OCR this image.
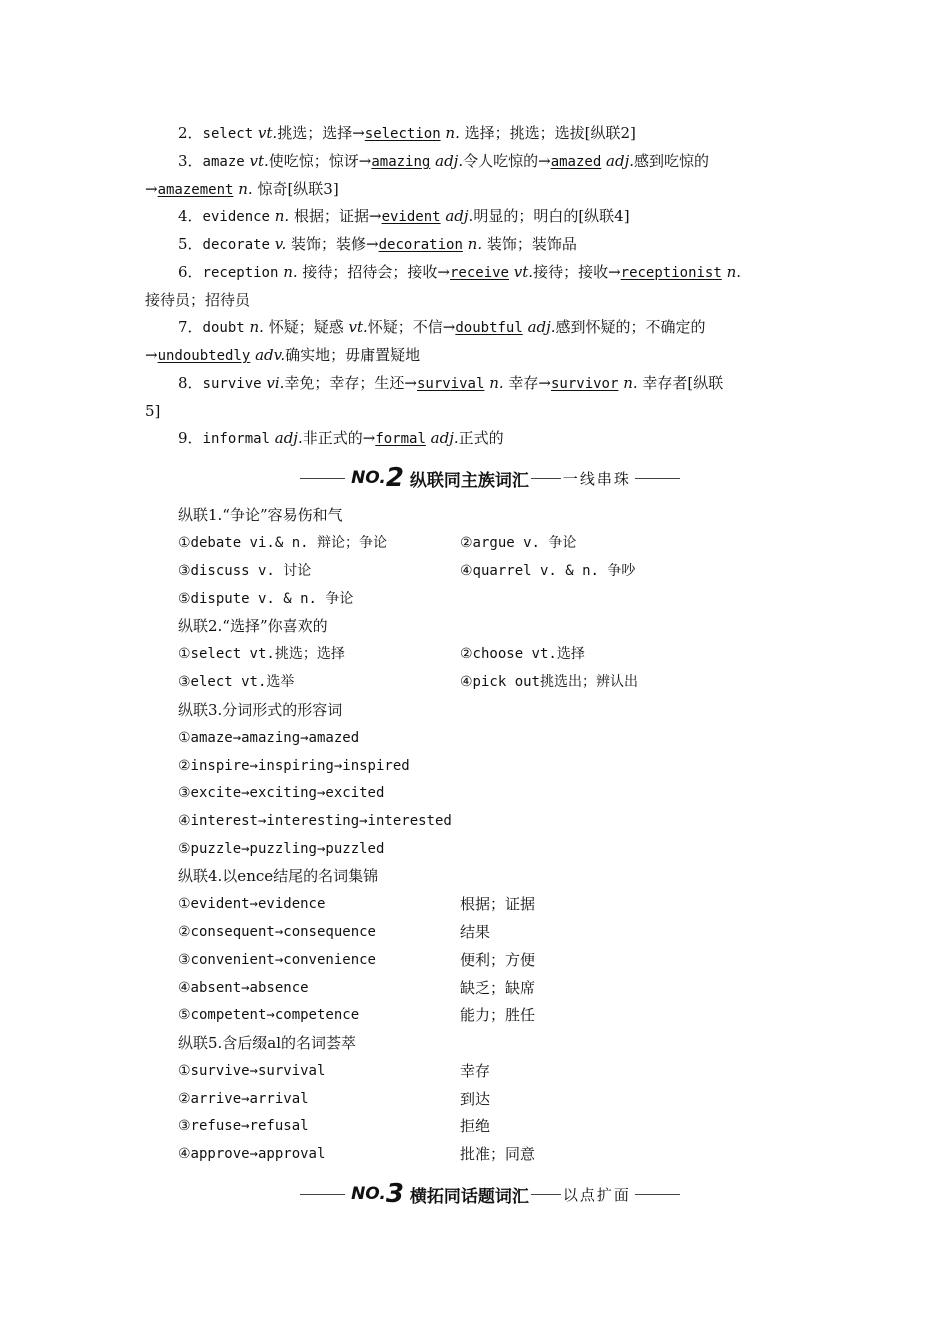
2．select vt.挑选；选择→selection n. 选择；挑选；选拔[纵联2]
3．amaze vt.使吃惊；惊讶→amazing adj.令人吃惊的→amazed adj.感到吃惊的
→amazement n. 惊奇[纵联3]
4．evidence n. 根据；证据→evident adj.明显的；明白的[纵联4]
5．decorate v. 装饰；装修→decoration n. 装饰；装饰品
6．reception n. 接待；招待会；接收→receive vt.接待；接收→receptionist n.
接待员；招待员
7．doubt n. 怀疑；疑惑 vt.怀疑；不信→doubtful adj.感到怀疑的；不确定的
→undoubtedly adv.确实地；毋庸置疑地
8．survive vi.幸免；幸存；生还→survival n. 幸存→survivor n. 幸存者[纵联
5]
9．informal adj.非正式的→formal adj.正式的
NO. 2 纵联同主族词汇 一线串珠
纵联1.“争论”容易伤和气
①debate vi.& n. 辩论；争论	②argue v. 争论
③discuss v. 讨论	④quarrel v. & n. 争吵
⑤dispute v. & n. 争论
纵联2.“选择”你喜欢的
①select vt.挑选；选择	②choose vt.选择
③elect vt.选举	④pick out挑选出；辨认出
纵联3.分词形式的形容词
①amaze→amazing→amazed
②inspire→inspiring→inspired
③excite→exciting→excited
④interest→interesting→interested
⑤puzzle→puzzling→puzzled
纵联4.以ence结尾的名词集锦
①evident→evidence	根据；证据
②consequent→consequence	结果
③convenient→convenience	便利；方便
④absent→absence	缺乏；缺席
⑤competent→competence	能力；胜任
纵联5.含后缀al的名词荟萃
①survive→survival	幸存
②arrive→arrival	到达
③refuse→refusal	拒绝
④approve→approval	批准；同意
NO. 3 横拓同话题词汇 以点扩面
